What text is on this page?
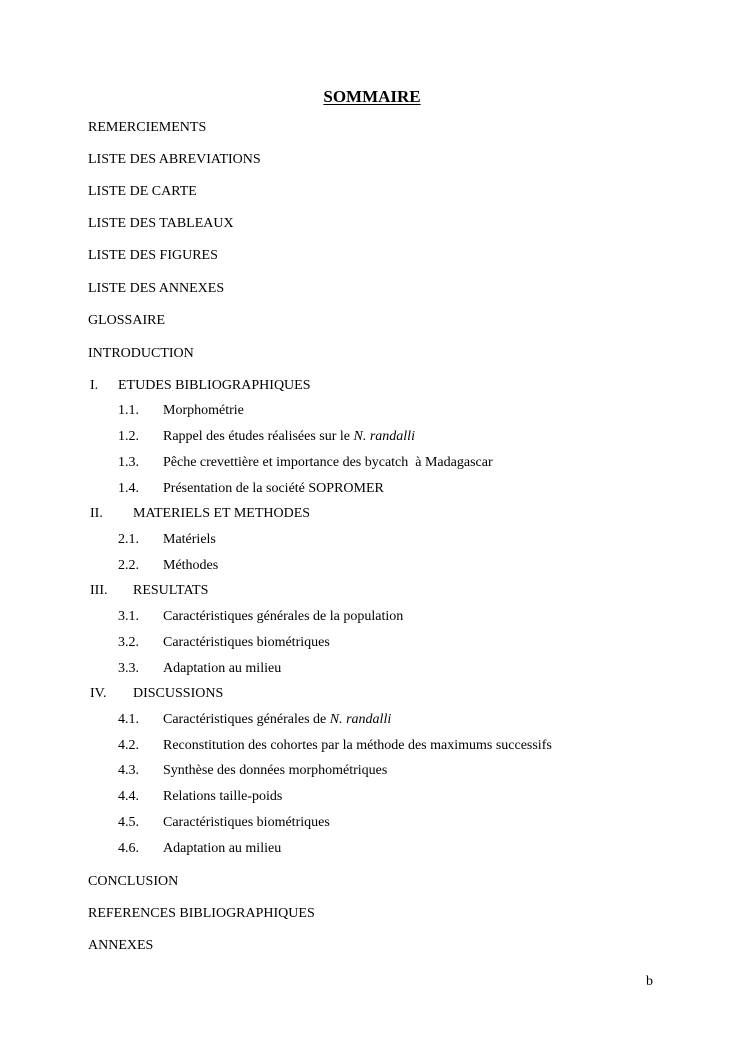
SOMMAIRE
REMERCIEMENTS
LISTE DES ABREVIATIONS
LISTE DE CARTE
LISTE DES TABLEAUX
LISTE DES FIGURES
LISTE DES ANNEXES
GLOSSAIRE
INTRODUCTION
I. ETUDES BIBLIOGRAPHIQUES
1.1. Morphométrie
1.2. Rappel des études réalisées sur le N. randalli
1.3. Pêche crevettière et importance des bycatch  à Madagascar
1.4. Présentation de la société SOPROMER
II. MATERIELS ET METHODES
2.1. Matériels
2.2. Méthodes
III. RESULTATS
3.1. Caractéristiques générales de la population
3.2. Caractéristiques biométriques
3.3. Adaptation au milieu
IV. DISCUSSIONS
4.1. Caractéristiques générales de N. randalli
4.2. Reconstitution des cohortes par la méthode des maximums successifs
4.3. Synthèse des données morphométriques
4.4. Relations taille-poids
4.5. Caractéristiques biométriques
4.6. Adaptation au milieu
CONCLUSION
REFERENCES BIBLIOGRAPHIQUES
ANNEXES
b
